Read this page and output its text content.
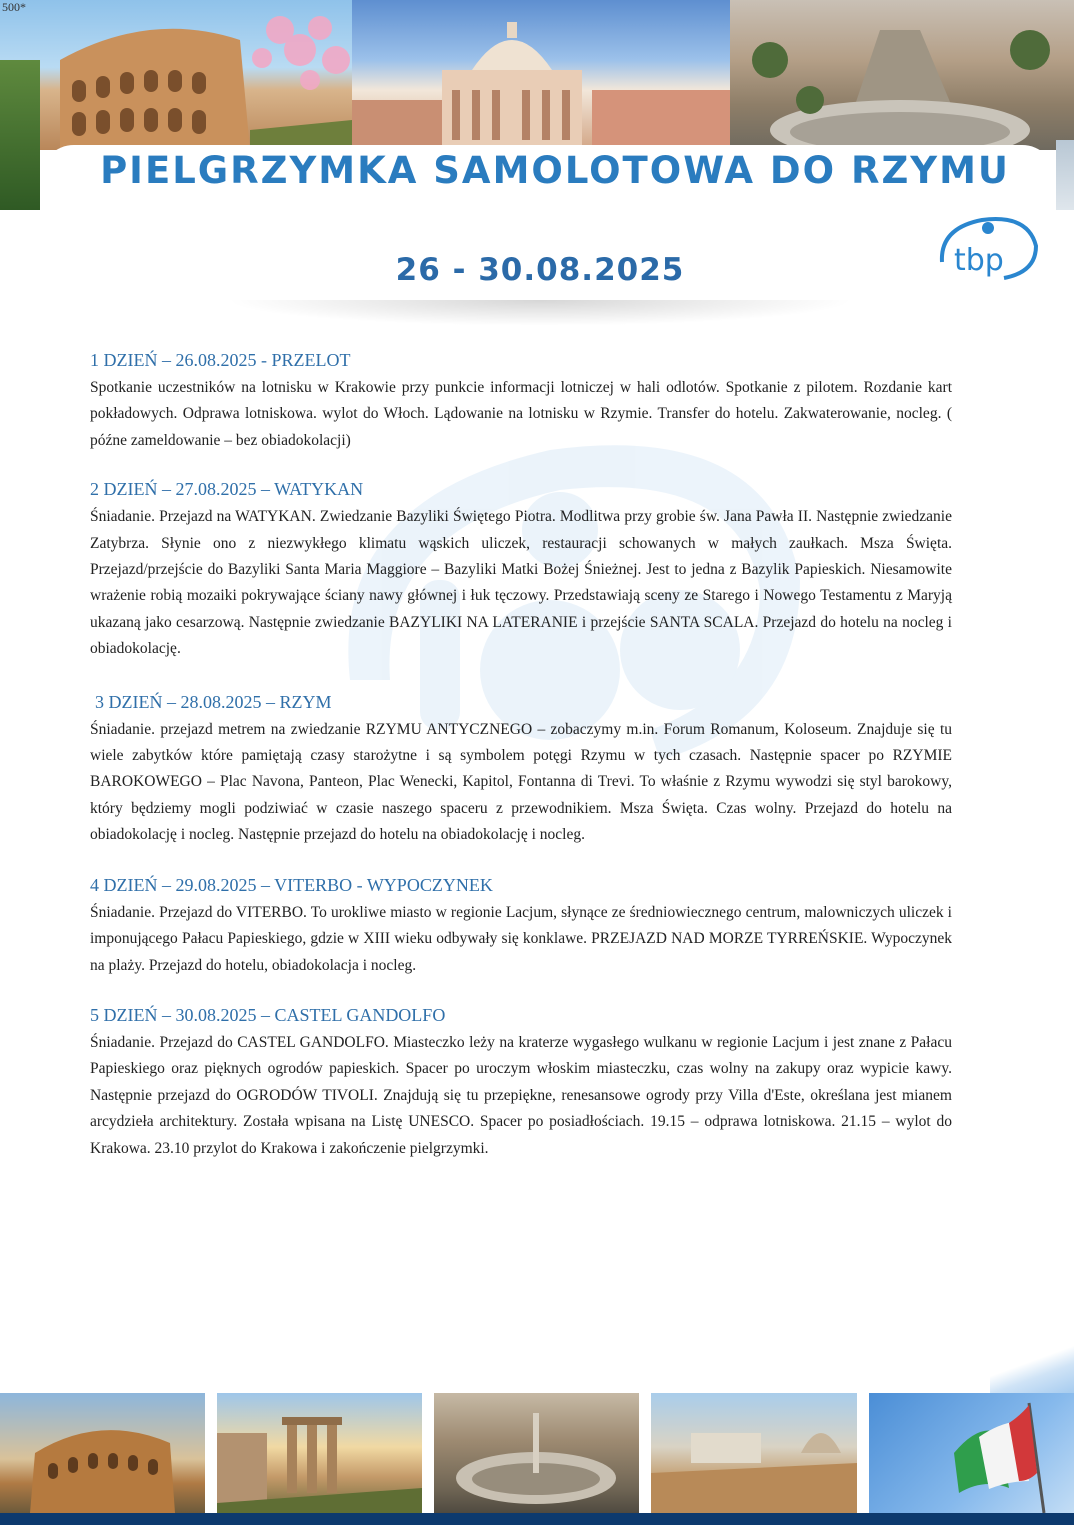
500*
PIELGRZYMKA SAMOLOTOWA DO RZYMU
26 - 30.08.2025	tbp
1 DZIEŃ – 26.08.2025 - PRZELOT

Spotkanie uczestników na lotnisku w Krakowie przy punkcie informacji lotniczej w hali odlotów. Spotkanie z pilotem. Rozdanie kart pokładowych. Odprawa lotniskowa. wylot do Włoch. Lądowanie na lotnisku w Rzymie. Transfer do hotelu. Zakwaterowanie, nocleg. ( późne zameldowanie – bez obiadokolacji)

2 DZIEŃ – 27.08.2025 – WATYKAN

Śniadanie. Przejazd na WATYKAN. Zwiedzanie Bazyliki Świętego Piotra. Modlitwa przy grobie św. Jana Pawła II. Następnie zwiedzanie Zatybrza. Słynie ono z niezwykłego klimatu wąskich uliczek, restauracji schowanych w małych zaułkach. Msza Święta. Przejazd/przejście do Bazyliki Santa Maria Maggiore – Bazyliki Matki Bożej Śnieżnej. Jest to jedna z Bazylik Papieskich. Niesamowite wrażenie robią mozaiki pokrywające ściany nawy głównej i łuk tęczowy. Przedstawiają sceny ze Starego i Nowego Testamentu z Maryją ukazaną jako cesarzową. Następnie zwiedzanie BAZYLIKI NA LATERANIE i przejście SANTA SCALA. Przejazd do hotelu na nocleg i obiadokolację.

3 DZIEŃ – 28.08.2025 – RZYM

Śniadanie. przejazd metrem na zwiedzanie RZYMU ANTYCZNEGO – zobaczymy m.in. Forum Romanum, Koloseum. Znajduje się tu wiele zabytków które pamiętają czasy starożytne i są symbolem potęgi Rzymu w tych czasach. Następnie spacer po RZYMIE BAROKOWEGO – Plac Navona, Panteon, Plac Wenecki, Kapitol, Fontanna di Trevi. To właśnie z Rzymu wywodzi się styl barokowy, który będziemy mogli podziwiać w czasie naszego spaceru z przewodnikiem. Msza Święta. Czas wolny. Przejazd do hotelu na obiadokolację i nocleg. Następnie przejazd do hotelu na obiadokolację i nocleg.

4 DZIEŃ – 29.08.2025 – VITERBO - WYPOCZYNEK

Śniadanie. Przejazd do VITERBO. To urokliwe miasto w regionie Lacjum, słynące ze średniowiecznego centrum, malowniczych uliczek i imponującego Pałacu Papieskiego, gdzie w XIII wieku odbywały się konklawe. PRZEJAZD NAD MORZE TYRREŃSKIE. Wypoczynek na plaży. Przejazd do hotelu, obiadokolacja i nocleg.

5 DZIEŃ – 30.08.2025 – CASTEL GANDOLFO

Śniadanie. Przejazd do CASTEL GANDOLFO. Miasteczko leży na kraterze wygasłego wulkanu w regionie Lacjum i jest znane z Pałacu Papieskiego oraz pięknych ogrodów papieskich. Spacer po uroczym włoskim miasteczku, czas wolny na zakupy oraz wypicie kawy. Następnie przejazd do OGRODÓW TIVOLI. Znajdują się tu przepiękne, renesansowe ogrody przy Villa d'Este, określana jest mianem arcydzieła architektury. Została wpisana na Listę UNESCO. Spacer po posiadłościach. 19.15 – odprawa lotniskowa. 21.15 – wylot do Krakowa. 23.10 przylot do Krakowa i zakończenie pielgrzymki.
